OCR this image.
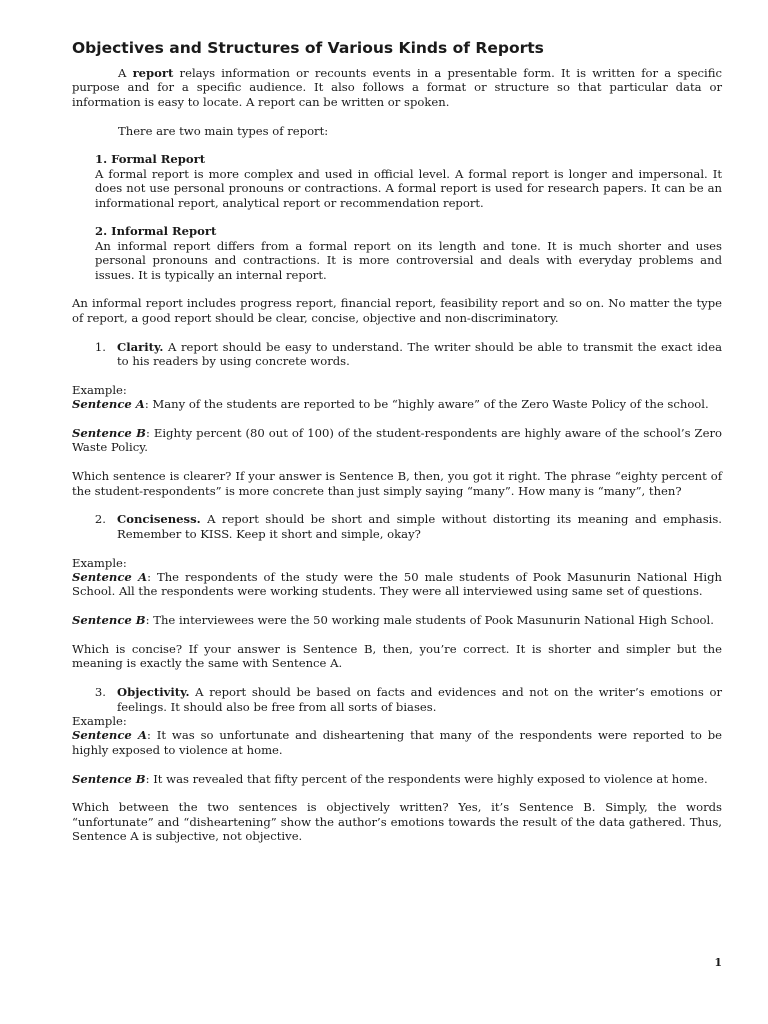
Objectives and Structures of Various Kinds of Reports

A report relays information or recounts events in a presentable form. It is written for a specific purpose and for a specific audience. It also follows a format or structure so that particular data or information is easy to locate. A report can be written or spoken.

There are two main types of report:

1. Formal Report
A formal report is more complex and used in official level. A formal report is longer and impersonal. It does not use personal pronouns or contractions. A formal report is used for research papers. It can be an informational report, analytical report or recommendation report.
2. Informal Report
An informal report differs from a formal report on its length and tone. It is much shorter and uses personal pronouns and contractions. It is more controversial and deals with everyday problems and issues. It is typically an internal report.

An informal report includes progress report, financial report, feasibility report and so on. No matter the type of report, a good report should be clear, concise, objective and non-discriminatory.

1. Clarity. A report should be easy to understand. The writer should be able to transmit the exact idea to his readers by using concrete words.
Example:

Sentence A: Many of the students are reported to be “highly aware” of the Zero Waste Policy of the school.

Sentence B: Eighty percent (80 out of 100) of the student-respondents are highly aware of the school’s Zero Waste Policy.

Which sentence is clearer? If your answer is Sentence B, then, you got it right. The phrase “eighty percent of the student-respondents” is more concrete than just simply saying “many”. How many is “many”, then?

2. Conciseness. A report should be short and simple without distorting its meaning and emphasis. Remember to KISS. Keep it short and simple, okay?
Example:

Sentence A: The respondents of the study were the 50 male students of Pook Masunurin National High School. All the respondents were working students. They were all interviewed using same set of questions.

Sentence B: The interviewees were the 50 working male students of Pook Masunurin National High School.

Which is concise? If your answer is Sentence B, then, you’re correct. It is shorter and simpler but the meaning is exactly the same with Sentence A.

3. Objectivity. A report should be based on facts and evidences and not on the writer’s emotions or feelings. It should also be free from all sorts of biases.
Example:

Sentence A: It was so unfortunate and disheartening that many of the respondents were reported to be highly exposed to violence at home.

Sentence B: It was revealed that fifty percent of the respondents were highly exposed to violence at home.

Which between the two sentences is objectively written? Yes, it’s Sentence B. Simply, the words “unfortunate” and “disheartening” show the author’s emotions towards the result of the data gathered. Thus, Sentence A is subjective, not objective.

1
